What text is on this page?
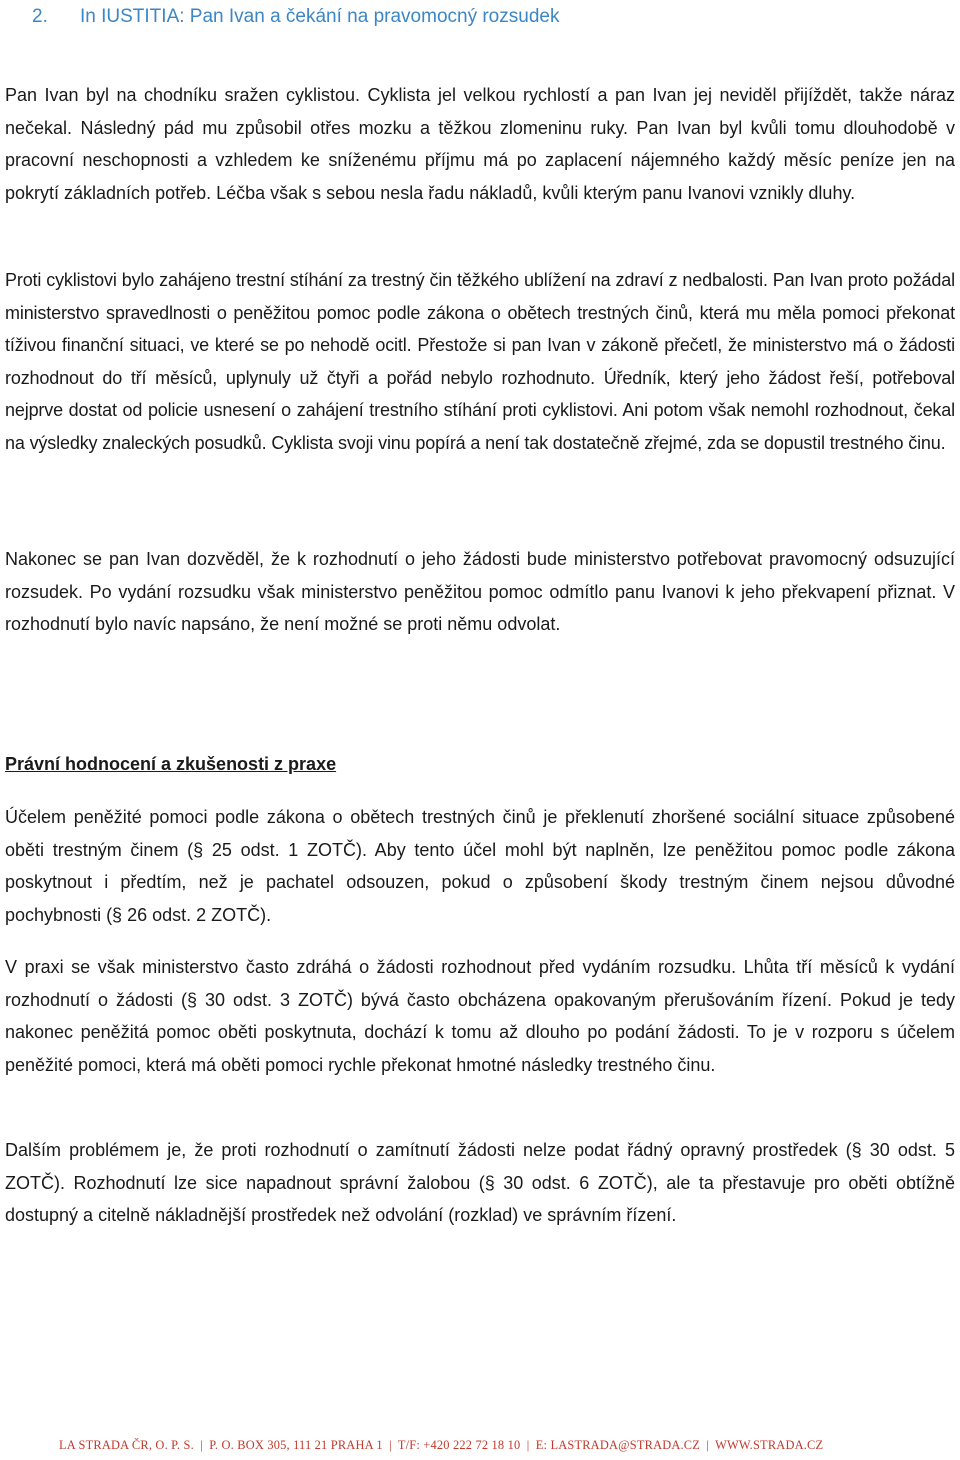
2. In IUSTITIA: Pan Ivan a čekání na pravomocný rozsudek

Pan Ivan byl na chodníku sražen cyklistou. Cyklista jel velkou rychlostí a pan Ivan jej neviděl přijíždět, takže náraz nečekal. Následný pád mu způsobil otřes mozku a těžkou zlomeninu ruky. Pan Ivan byl kvůli tomu dlouhodobě v pracovní neschopnosti a vzhledem ke sníženému příjmu má po zaplacení nájemného každý měsíc peníze jen na pokrytí základních potřeb. Léčba však s sebou nesla řadu nákladů, kvůli kterým panu Ivanovi vznikly dluhy.

Proti cyklistovi bylo zahájeno trestní stíhání za trestný čin těžkého ublížení na zdraví z nedbalosti. Pan Ivan proto požádal ministerstvo spravedlnosti o peněžitou pomoc podle zákona o obětech trestných činů, která mu měla pomoci překonat tíživou finanční situaci, ve které se po nehodě ocitl. Přestože si pan Ivan v zákoně přečetl, že ministerstvo má o žádosti rozhodnout do tří měsíců, uplynuly už čtyři a pořád nebylo rozhodnuto. Úředník, který jeho žádost řeší, potřeboval nejprve dostat od policie usnesení o zahájení trestního stíhání proti cyklistovi. Ani potom však nemohl rozhodnout, čekal na výsledky znaleckých posudků. Cyklista svoji vinu popírá a není tak dostatečně zřejmé, zda se dopustil trestného činu.

Nakonec se pan Ivan dozvěděl, že k rozhodnutí o jeho žádosti bude ministerstvo potřebovat pravomocný odsuzující rozsudek. Po vydání rozsudku však ministerstvo peněžitou pomoc odmítlo panu Ivanovi k jeho překvapení přiznat. V rozhodnutí bylo navíc napsáno, že není možné se proti němu odvolat.

Právní hodnocení a zkušenosti z praxe

Účelem peněžité pomoci podle zákona o obětech trestných činů je překlenutí zhoršené sociální situace způsobené oběti trestným činem (§ 25 odst. 1 ZOTČ). Aby tento účel mohl být naplněn, lze peněžitou pomoc podle zákona poskytnout i předtím, než je pachatel odsouzen, pokud o způsobení škody trestným činem nejsou důvodné pochybnosti (§ 26 odst. 2 ZOTČ).

V praxi se však ministerstvo často zdráhá o žádosti rozhodnout před vydáním rozsudku. Lhůta tří měsíců k vydání rozhodnutí o žádosti (§ 30 odst. 3 ZOTČ) bývá často obcházena opakovaným přerušováním řízení. Pokud je tedy nakonec peněžitá pomoc oběti poskytnuta, dochází k tomu až dlouho po podání žádosti. To je v rozporu s účelem peněžité pomoci, která má oběti pomoci rychle překonat hmotné následky trestného činu.

Dalším problémem je, že proti rozhodnutí o zamítnutí žádosti nelze podat řádný opravný prostředek (§ 30 odst. 5 ZOTČ). Rozhodnutí lze sice napadnout správní žalobou (§ 30 odst. 6 ZOTČ), ale ta přestavuje pro oběti obtížně dostupný a citelně nákladnější prostředek než odvolání (rozklad) ve správním řízení.

LA STRADA ČR, O. P. S. | P. O. BOX 305, 111 21 PRAHA 1 | T/F: +420 222 72 18 10 | E: LASTRADA@STRADA.CZ | WWW.STRADA.CZ
